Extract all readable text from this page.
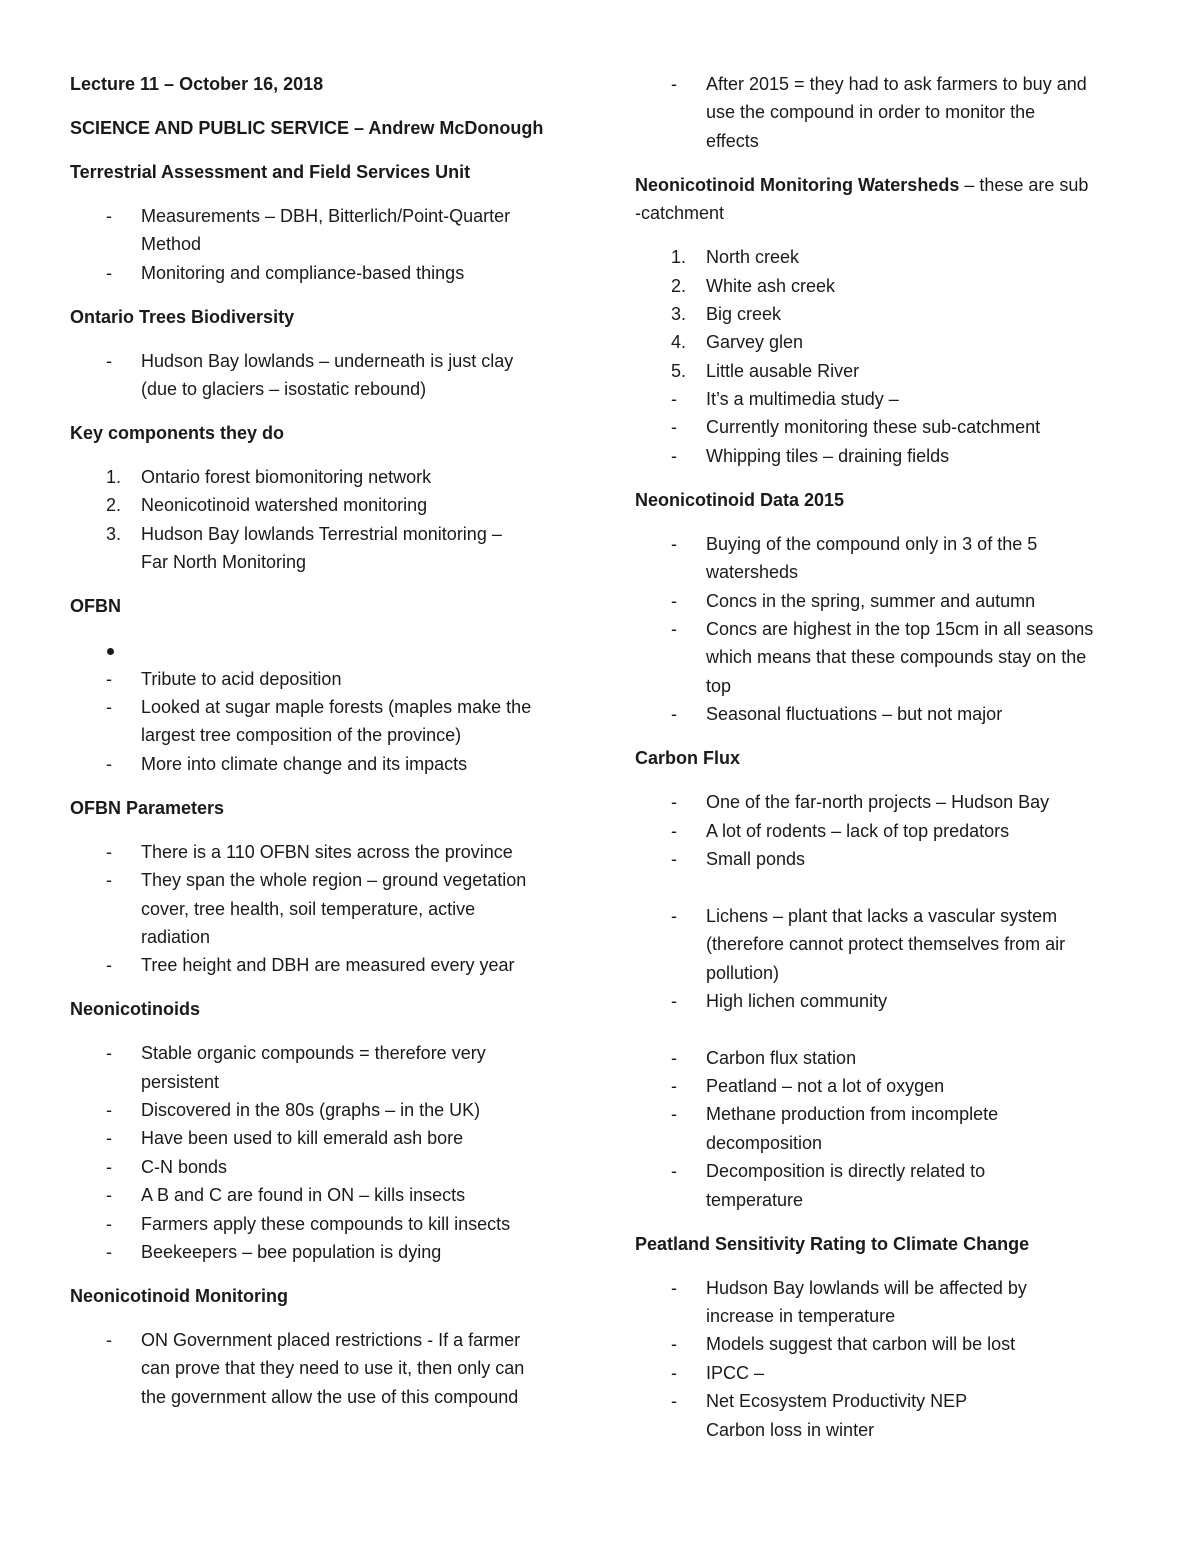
Lecture 11 – October 16, 2018
SCIENCE AND PUBLIC SERVICE – Andrew McDonough
Terrestrial Assessment and Field Services Unit
-	Measurements – DBH, Bitterlich/Point-Quarter
Method
-	Monitoring and compliance-based things
Ontario Trees Biodiversity
-	Hudson Bay lowlands – underneath is just clay
(due to glaciers – isostatic rebound)
Key components they do
1.	Ontario forest biomonitoring network
2.	Neonicotinoid watershed monitoring
3.	Hudson Bay lowlands Terrestrial monitoring –
Far North Monitoring
OFBN
-	Tribute to acid deposition
-	Looked at sugar maple forests (maples make the
largest tree composition of the province)
-	More into climate change and its impacts
OFBN Parameters
-	There is a 110 OFBN sites across the province
-	They span the whole region – ground vegetation
cover, tree health, soil temperature, active
radiation
-	Tree height and DBH are measured every year
Neonicotinoids
-	Stable organic compounds = therefore very
persistent
-	Discovered in the 80s (graphs – in the UK)
-	Have been used to kill emerald ash bore
-	C-N bonds
-	A B and C are found in ON – kills insects
-	Farmers apply these compounds to kill insects
-	Beekeepers – bee population is dying
Neonicotinoid Monitoring
-	ON Government placed restrictions - If a farmer
can prove that they need to use it, then only can
the government allow the use of this compound
-	After 2015 = they had to ask farmers to buy and
use the compound in order to monitor the
effects
Neonicotinoid Monitoring Watersheds – these are sub
-catchment
1.	North creek
2.	White ash creek
3.	Big creek
4.	Garvey glen
5.	Little ausable River
-	It’s a multimedia study –
-	Currently monitoring these sub-catchment
-	Whipping tiles – draining fields
Neonicotinoid Data 2015
-	Buying of the compound only in 3 of the 5
watersheds
-	Concs in the spring, summer and autumn
-	Concs are highest in the top 15cm in all seasons
which means that these compounds stay on the
top
-	Seasonal fluctuations – but not major
Carbon Flux
-	One of the far-north projects – Hudson Bay
-	A lot of rodents – lack of top predators
-	Small ponds
-	Lichens – plant that lacks a vascular system
(therefore cannot protect themselves from air
pollution)
-	High lichen community
-	Carbon flux station
-	Peatland – not a lot of oxygen
-	Methane production from incomplete
decomposition
-	Decomposition is directly related to
temperature
Peatland Sensitivity Rating to Climate Change
-	Hudson Bay lowlands will be affected by
increase in temperature
-	Models suggest that carbon will be lost
-	IPCC –
-	Net Ecosystem Productivity NEP
Carbon loss in winter
